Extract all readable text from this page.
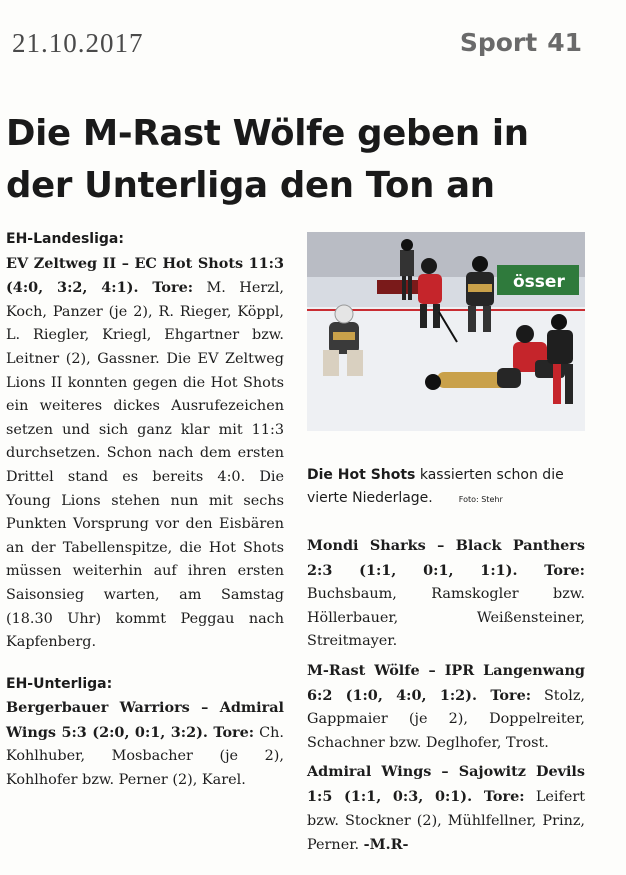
21.10.2017	Sport 41
Die M-Rast Wölfe geben in
der Unterliga den Ton an

EH-Landesliga:

EV Zeltweg II – EC Hot Shots 11:3 (4:0, 3:2, 4:1). Tore: M. Herzl, Koch, Panzer (je 2), R. Rieger, Köppl, L. Riegler, Kriegl, Ehgartner bzw. Leitner (2), Gassner. Die EV Zeltweg Lions II konnten gegen die Hot Shots ein weiteres dickes Ausrufezeichen setzen und sich ganz klar mit 11:3 durchsetzen. Schon nach dem ersten Drittel stand es bereits 4:0. Die Young Lions stehen nun mit sechs Punkten Vorsprung vor den Eisbären an der Tabellenspitze, die Hot Shots müssen weiterhin auf ihren ersten Saisonsieg warten, am Samstag (18.30 Uhr) kommt Peggau nach Kapfenberg.

EH-Unterliga:

Bergerbauer Warriors – Admiral Wings 5:3 (2:0, 0:1, 3:2). Tore: Ch. Kohlhuber, Mosbacher (je 2), Kohlhofer bzw. Perner (2), Karel.

össer
Die Hot Shots kassierten schon die vierte Niederlage.	Foto: Stehr

Mondi Sharks – Black Panthers 2:3 (1:1, 0:1, 1:1). Tore: Buchsbaum, Ramskogler bzw. Höllerbauer, Weißensteiner, Streitmayer.

M-Rast Wölfe – IPR Langenwang 6:2 (1:0, 4:0, 1:2). Tore: Stolz, Gappmaier (je 2), Doppelreiter, Schachner bzw. Deglhofer, Trost.

Admiral Wings – Sajowitz Devils 1:5 (1:1, 0:3, 0:1). Tore: Leifert bzw. Stockner (2), Mühlfellner, Prinz, Perner. -M.R-
